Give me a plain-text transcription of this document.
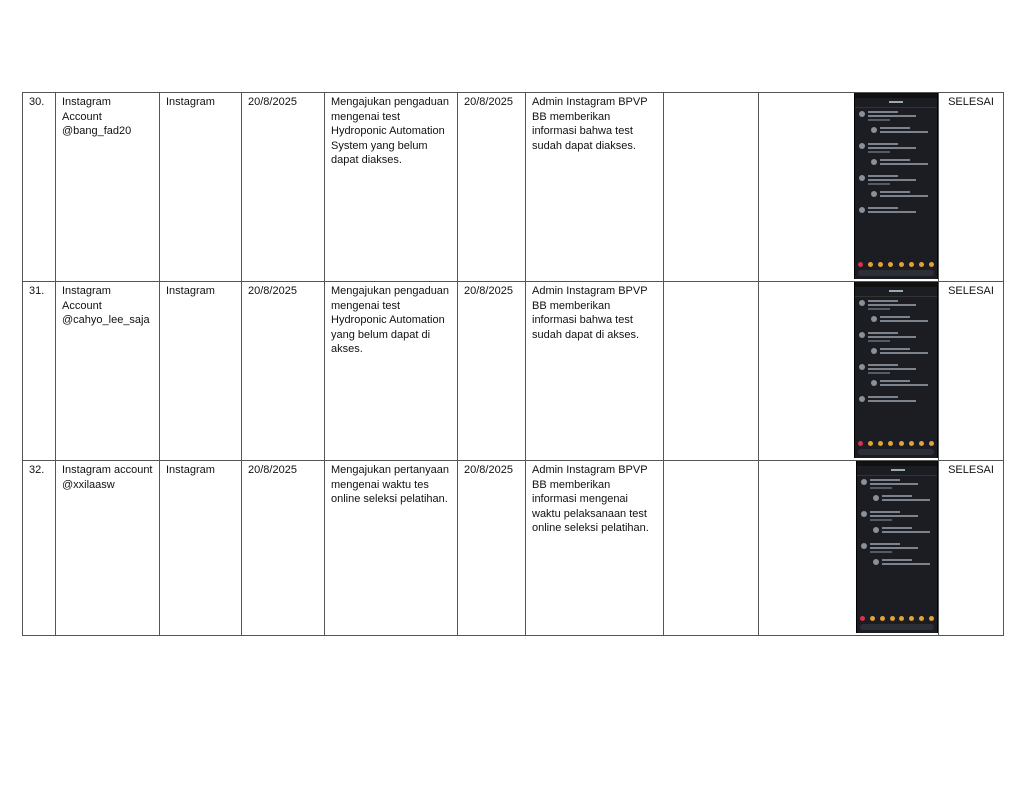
30.	Instagram Account @bang_fad20	Instagram	20/8/2025	Mengajukan pengaduan mengenai test Hydroponic Automation System yang belum dapat diakses.	20/8/2025	Admin Instagram BPVP BB memberikan informasi bahwa test sudah dapat diakses.			SELESAI
31.	Instagram Account @cahyo_lee_saja	Instagram	20/8/2025	Mengajukan pengaduan mengenai test Hydroponic Automation yang belum dapat di akses.	20/8/2025	Admin Instagram BPVP BB memberikan informasi bahwa test sudah dapat di akses.			SELESAI
32.	Instagram account @xxilaasw	Instagram	20/8/2025	Mengajukan pertanyaan mengenai waktu tes online seleksi pelatihan.	20/8/2025	Admin Instagram BPVP BB memberikan informasi mengenai waktu pelaksanaan test online seleksi pelatihan.			SELESAI
